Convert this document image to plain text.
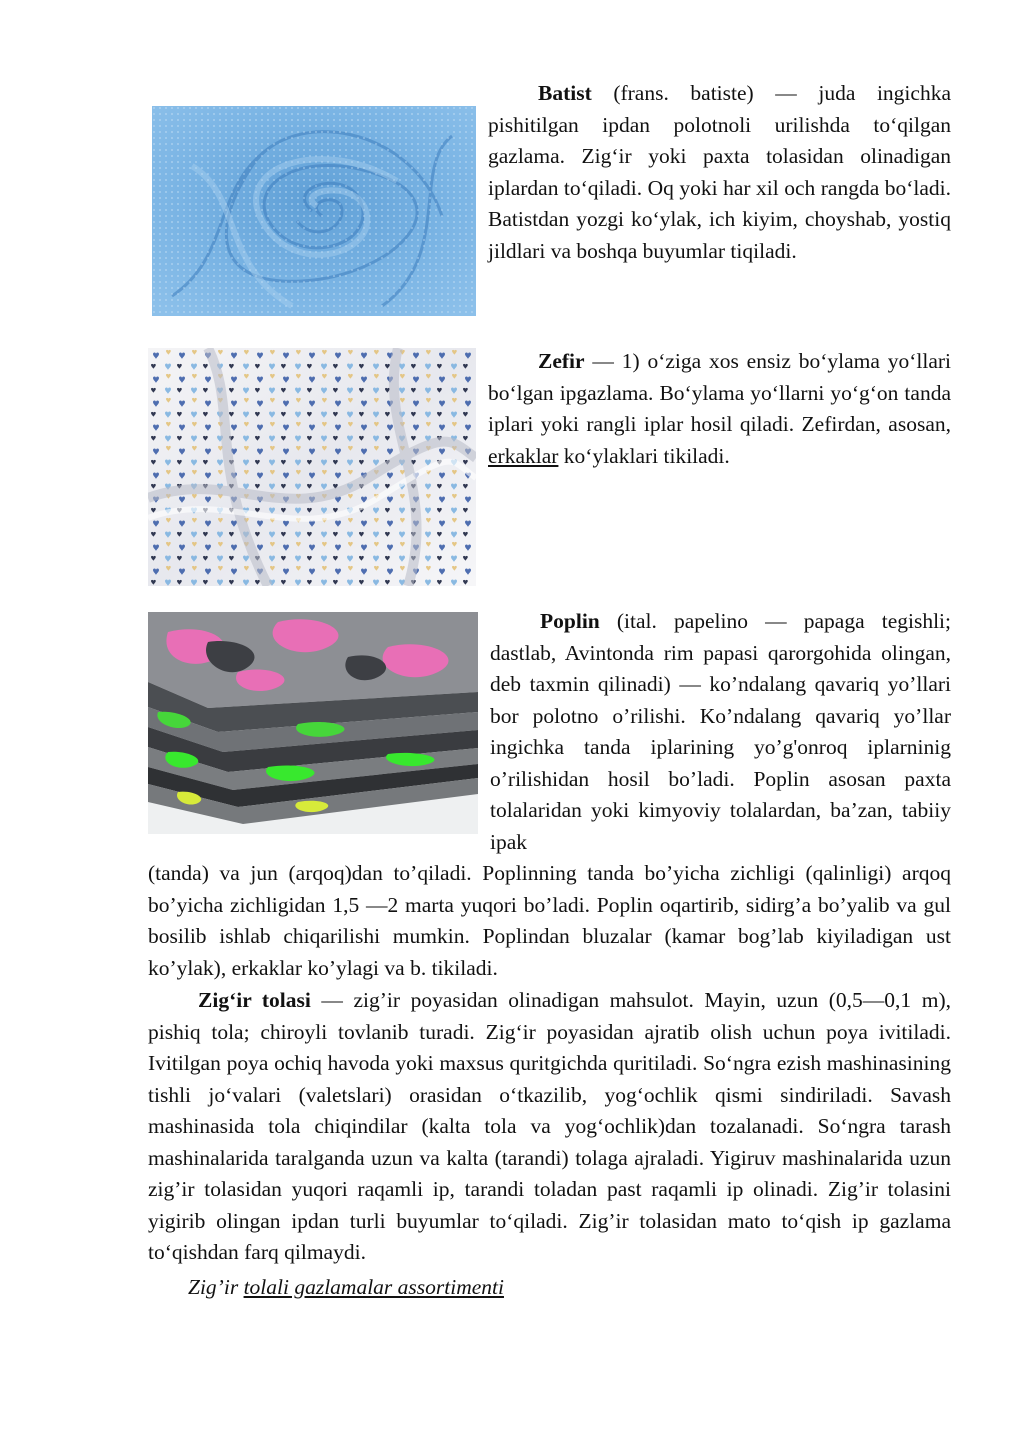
Batist (frans. batiste) — juda ingichka pishitilgan ipdan polotnoli urilishda to‘qilgan gazlama. Zig‘ir yoki paxta tolasidan olinadigan iplardan to‘qiladi. Oq yoki har xil och rangda bo‘ladi. Batistdan yozgi ko‘ylak, ich kiyim, choyshab, yostiq jildlari va boshqa buyumlar tiqiladi.

Zefir — 1) o‘ziga xos ensiz bo‘ylama yo‘llari bo‘lgan ipgazlama. Bo‘ylama yo‘llarni yo‘g‘on tanda iplari yoki rangli iplar hosil qiladi. Zefirdan, asosan, erkaklar ko‘ylaklari tikiladi.

Poplin (ital. papelino — papaga tegishli; dastlab, Avintonda rim papasi qarorgohida olingan, deb taxmin qilinadi) — ko’ndalang qavariq yo’llari bor polotno o’rilishi. Ko’ndalang qavariq yo’llar ingichka tanda iplarining yo’g'onroq iplarninig o’rilishidan hosil bo’ladi. Poplin asosan paxta tolalaridan yoki kimyoviy tolalardan, ba’zan, tabiiy ipak

(tanda) va jun (arqoq)dan to’qiladi. Poplinning tanda bo’yicha zichligi (qalinligi) arqoq bo’yicha zichligidan 1,5 —2 marta yuqori bo’ladi. Poplin oqartirib, sidirg’a bo’yalib va gul bosilib ishlab chiqarilishi mumkin. Poplindan bluzalar (kamar bog’lab kiyiladigan ust ko’ylak), erkaklar ko’ylagi va b. tikiladi.

Zig‘ir tolasi — zig’ir poyasidan olinadigan mahsulot. Mayin, uzun (0,5—0,1 m), pishiq tola; chiroyli tovlanib turadi. Zig‘ir poyasidan ajratib olish uchun poya ivitiladi. Ivitilgan poya ochiq havoda yoki maxsus quritgichda quritiladi. So‘ngra ezish mashinasining tishli jo‘valari (valetslari) orasidan o‘tkazilib, yog‘ochlik qismi sindiriladi. Savash mashinasida tola chiqindilar (kalta tola va yog‘ochlik)dan tozalanadi. So‘ngra tarash mashinalarida taralganda uzun va kalta (tarandi) tolaga ajraladi. Yigiruv mashinalarida uzun zig’ir tolasidan yuqori raqamli ip, tarandi toladan past raqamli ip olinadi. Zig’ir tolasini yigirib olingan ipdan turli buyumlar to‘qiladi. Zig’ir tolasidan mato to‘qish ip gazlama to‘qishdan farq qilmaydi.

Zig’ir tolali gazlamalar assortimenti
